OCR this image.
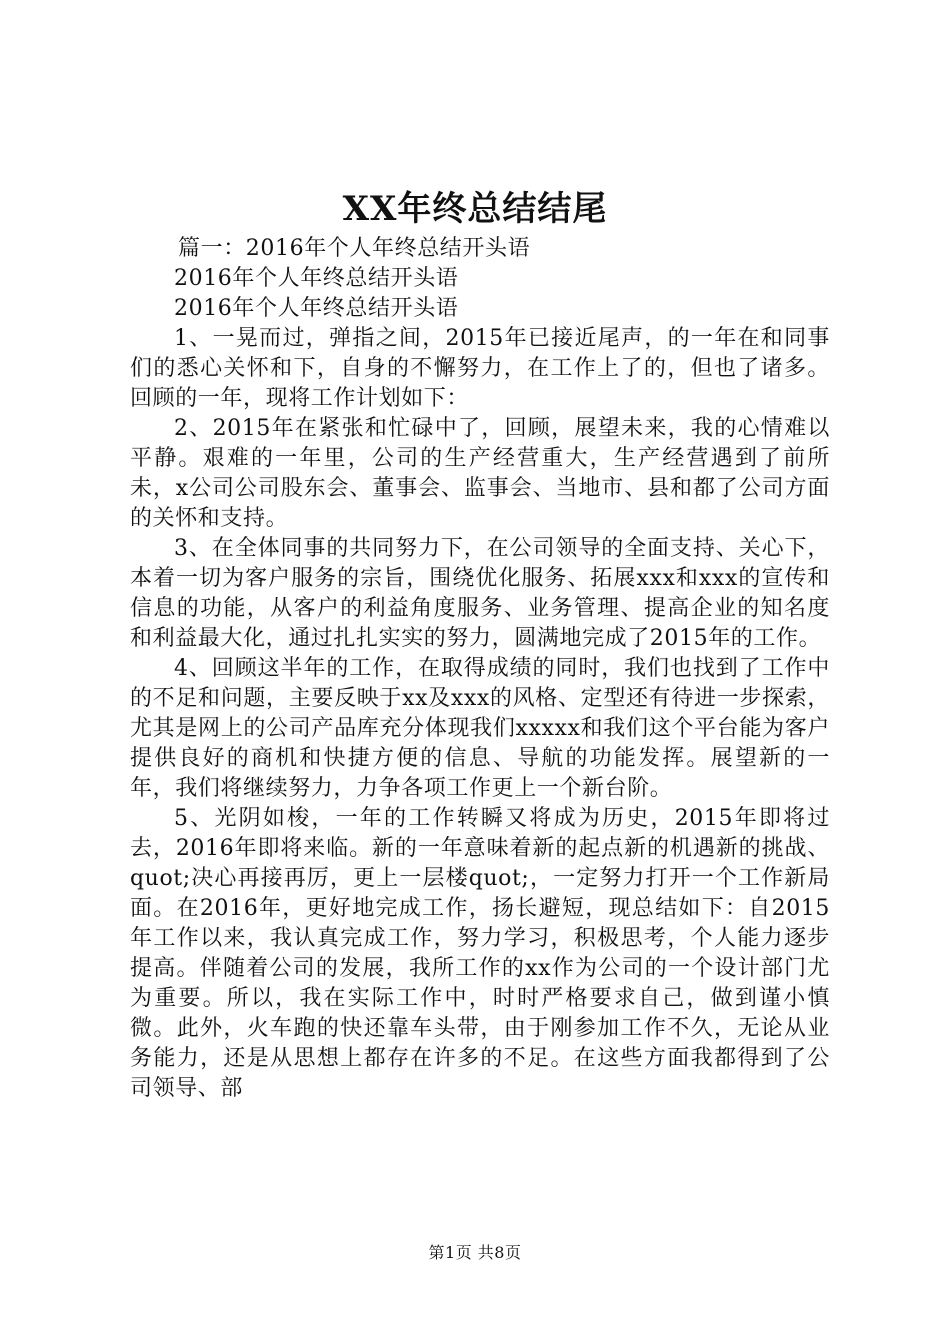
XX年终总结结尾

篇一：2016年个人年终总结开头语

2016年个人年终总结开头语

2016年个人年终总结开头语

1、一晃而过，弹指之间，2015年已接近尾声，的一年在和同事们的悉心关怀和下，自身的不懈努力，在工作上了的，但也了诸多。回顾的一年，现将工作计划如下：

2、2015年在紧张和忙碌中了，回顾，展望未来，我的心情难以平静。艰难的一年里，公司的生产经营重大，生产经营遇到了前所未，x公司公司股东会、董事会、监事会、当地市、县和都了公司方面的关怀和支持。

3、在全体同事的共同努力下，在公司领导的全面支持、关心下，本着一切为客户服务的宗旨，围绕优化服务、拓展xxx和xxx的宣传和信息的功能，从客户的利益角度服务、业务管理、提高企业的知名度和利益最大化，通过扎扎实实的努力，圆满地完成了2015年的工作。

4、回顾这半年的工作，在取得成绩的同时，我们也找到了工作中的不足和问题，主要反映于xx及xxx的风格、定型还有待进一步探索，尤其是网上的公司产品库充分体现我们xxxxx和我们这个平台能为客户提供良好的商机和快捷方便的信息、导航的功能发挥。展望新的一年，我们将继续努力，力争各项工作更上一个新台阶。

5、光阴如梭，一年的工作转瞬又将成为历史，2015年即将过去，2016年即将来临。新的一年意味着新的起点新的机遇新的挑战、quot;决心再接再厉，更上一层楼quot;，一定努力打开一个工作新局面。在2016年，更好地完成工作，扬长避短，现总结如下：自2015年工作以来，我认真完成工作，努力学习，积极思考，个人能力逐步提高。伴随着公司的发展，我所工作的xx作为公司的一个设计部门尤为重要。所以，我在实际工作中，时时严格要求自己，做到谨小慎微。此外，火车跑的快还靠车头带，由于刚参加工作不久，无论从业务能力，还是从思想上都存在许多的不足。在这些方面我都得到了公司领导、部

第1页 共8页
